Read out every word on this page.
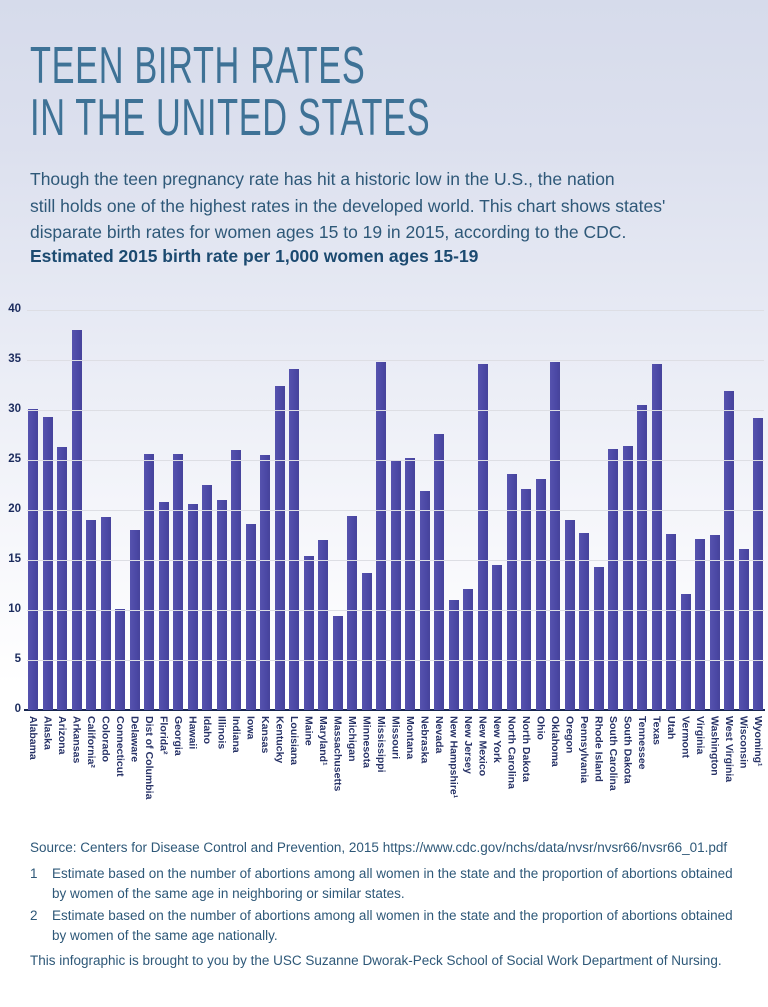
TEEN BIRTH RATES
IN THE UNITED STATES
Though the teen pregnancy rate has hit a historic low in the U.S., the nation
still holds one of the highest rates in the developed world. This chart shows states'
disparate birth rates for women ages 15 to 19 in 2015, according to the CDC.
Estimated 2015 birth rate per 1,000 women ages 15-19
Alabama Alaska Arizona Arkansas California² Colorado Connecticut Delaware Dist of Columbia Florida² Georgia Hawaii Idaho Illinois Indiana Iowa Kansas Kentucky Louisiana Maine Maryland¹ Massachusetts Michigan Minnesota Mississippi Missouri Montana Nebraska Nevada New Hampshire¹ New Jersey New Mexico New York North Carolina North Dakota Ohio Oklahoma Oregon Pennsylvania Rhode Island South Carolina South Dakota Tennessee Texas Utah Vermont Virginia Washington West Virginia Wisconsin Wyoming¹
0
5
10
15
20
25
30
35
40
Source: Centers for Disease Control and Prevention, 2015 https://www.cdc.gov/nchs/data/nvsr/nvsr66/nvsr66_01.pdf
1	Estimate based on the number of abortions among all women in the state and the proportion of abortions obtained by women of the same age in neighboring or similar states.
2	Estimate based on the number of abortions among all women in the state and the proportion of abortions obtained by women of the same age nationally.
This infographic is brought to you by the USC Suzanne Dworak-Peck School of Social Work Department of Nursing.
